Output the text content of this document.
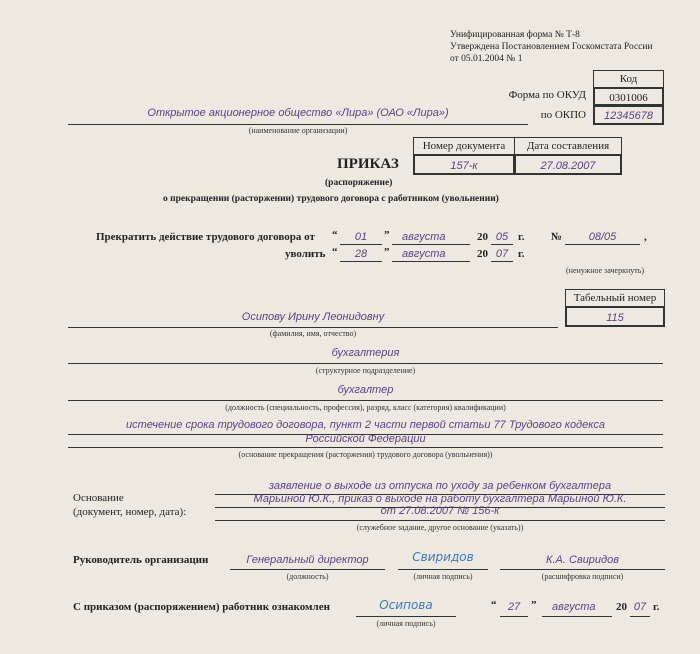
Унифицированная форма № Т-8
Утверждена Постановлением Госкомстата России
от 05.01.2004 № 1
Код
Форма по ОКУД	0301006
по ОКПО	12345678
Открытое акционерное общество «Лира» (ОАО «Лира»)
(наименование организации)
Номер документа	Дата составления
157-к	27.08.2007
ПРИКАЗ
(распоряжение)
о прекращении (расторжении) трудового договора с работником (увольнении)
Прекратить действие трудового договора от “	01	” августа	20 05 г. №	08/05	,
уволить “	28	” августа	20 07 г.
(ненужное зачеркнуть)
Табельный номер
115
Осипову Ирину Леонидовну
(фамилия, имя, отчество)
бухгалтерия
(структурное подразделение)
бухгалтер
(должность (специальность, профессия), разряд, класс (категория) квалификации)
истечение срока трудового договора, пункт 2 части первой статьи 77 Трудового кодекса
Российской Федерации
(основание прекращения (расторжения) трудового договора (увольнения))
Основание
(документ, номер, дата):
заявление о выходе из отпуска по уходу за ребенком бухгалтера
Марьиной Ю.К., приказ о выходе на работу бухгалтера Марьиной Ю.К.
от 27.08.2007 № 156-к
(служебное задание, другое основание (указать))
Руководитель организации	Генеральный директор
(должность)
Свиридов
(личная подпись)
К.А. Свиридов
(расшифровка подписи)
С приказом (распоряжением) работник ознакомлен	Осипова
(личная подпись)
“	27 ” августа 20 07 г.
